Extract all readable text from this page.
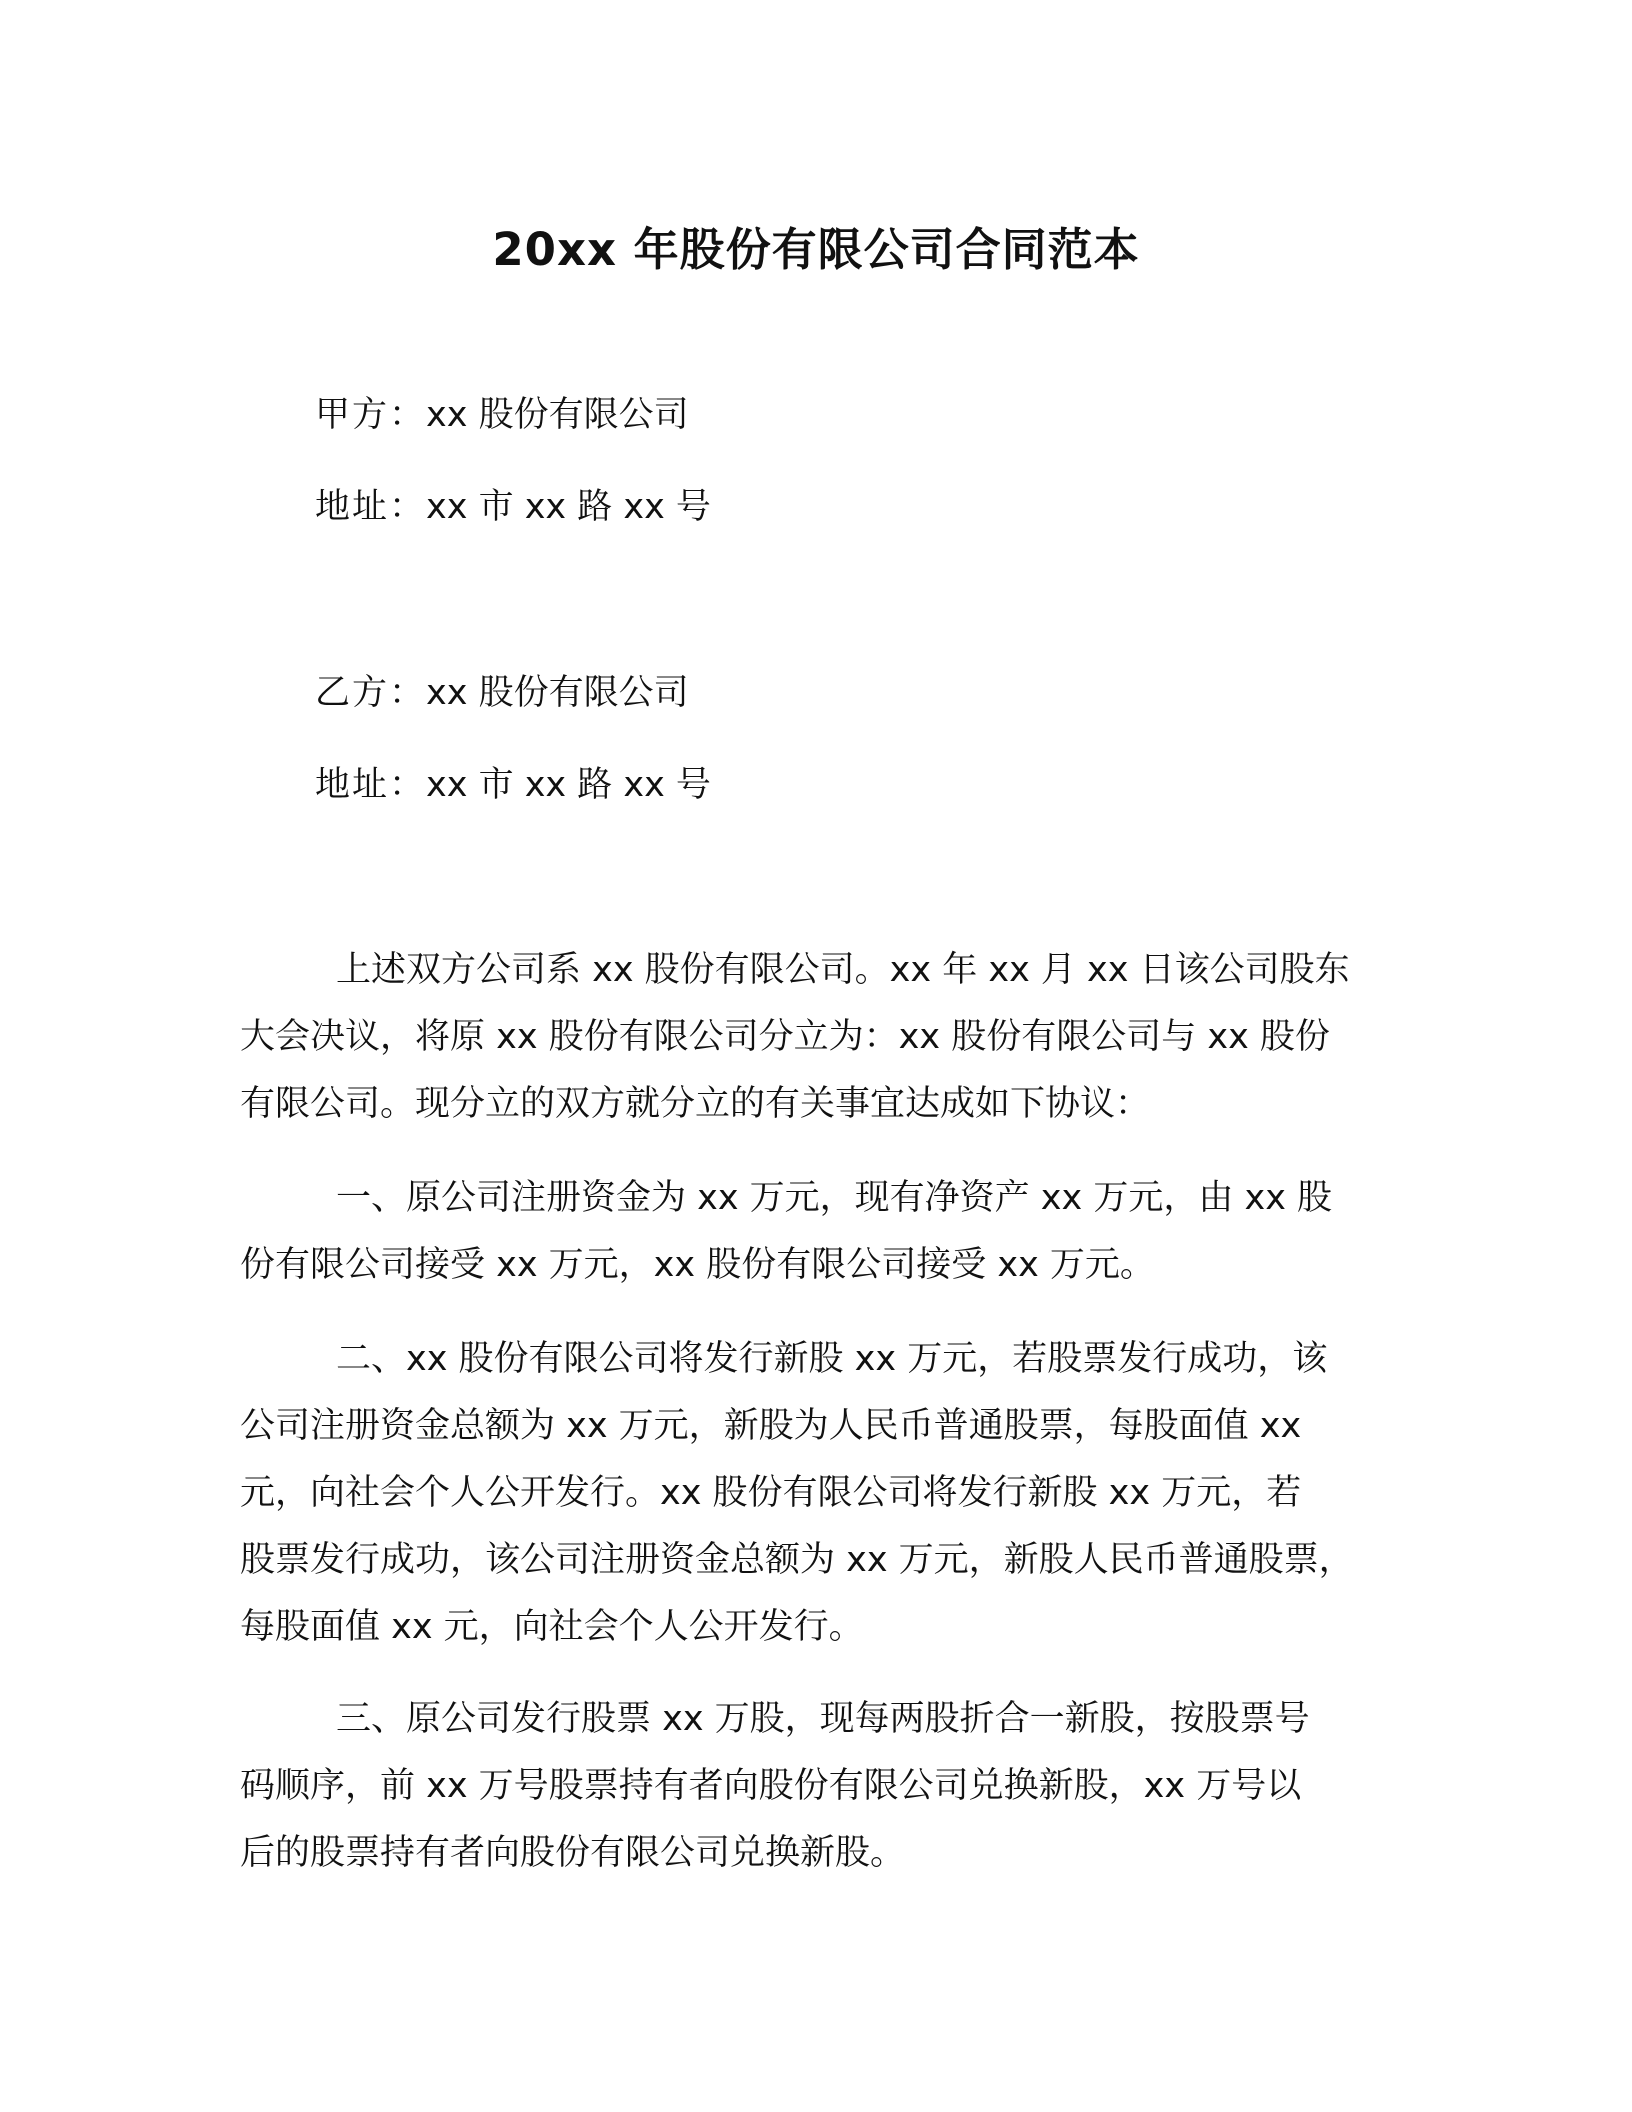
20xx 年股份有限公司合同范本
甲方：xx 股份有限公司
地址：xx 市 xx 路 xx 号
乙方：xx 股份有限公司
地址：xx 市 xx 路 xx 号
上述双方公司系 xx 股份有限公司。xx 年 xx 月 xx 日该公司股东
大会决议，将原 xx 股份有限公司分立为：xx 股份有限公司与 xx 股份
有限公司。现分立的双方就分立的有关事宜达成如下协议：
一、原公司注册资金为 xx 万元，现有净资产 xx 万元，由 xx 股
份有限公司接受 xx 万元，xx 股份有限公司接受 xx 万元。
二、xx 股份有限公司将发行新股 xx 万元，若股票发行成功，该
公司注册资金总额为 xx 万元，新股为人民币普通股票，每股面值 xx
元，向社会个人公开发行。xx 股份有限公司将发行新股 xx 万元，若
股票发行成功，该公司注册资金总额为 xx 万元，新股人民币普通股票，
每股面值 xx 元，向社会个人公开发行。
三、原公司发行股票 xx 万股，现每两股折合一新股，按股票号
码顺序，前 xx 万号股票持有者向股份有限公司兑换新股，xx 万号以
后的股票持有者向股份有限公司兑换新股。
